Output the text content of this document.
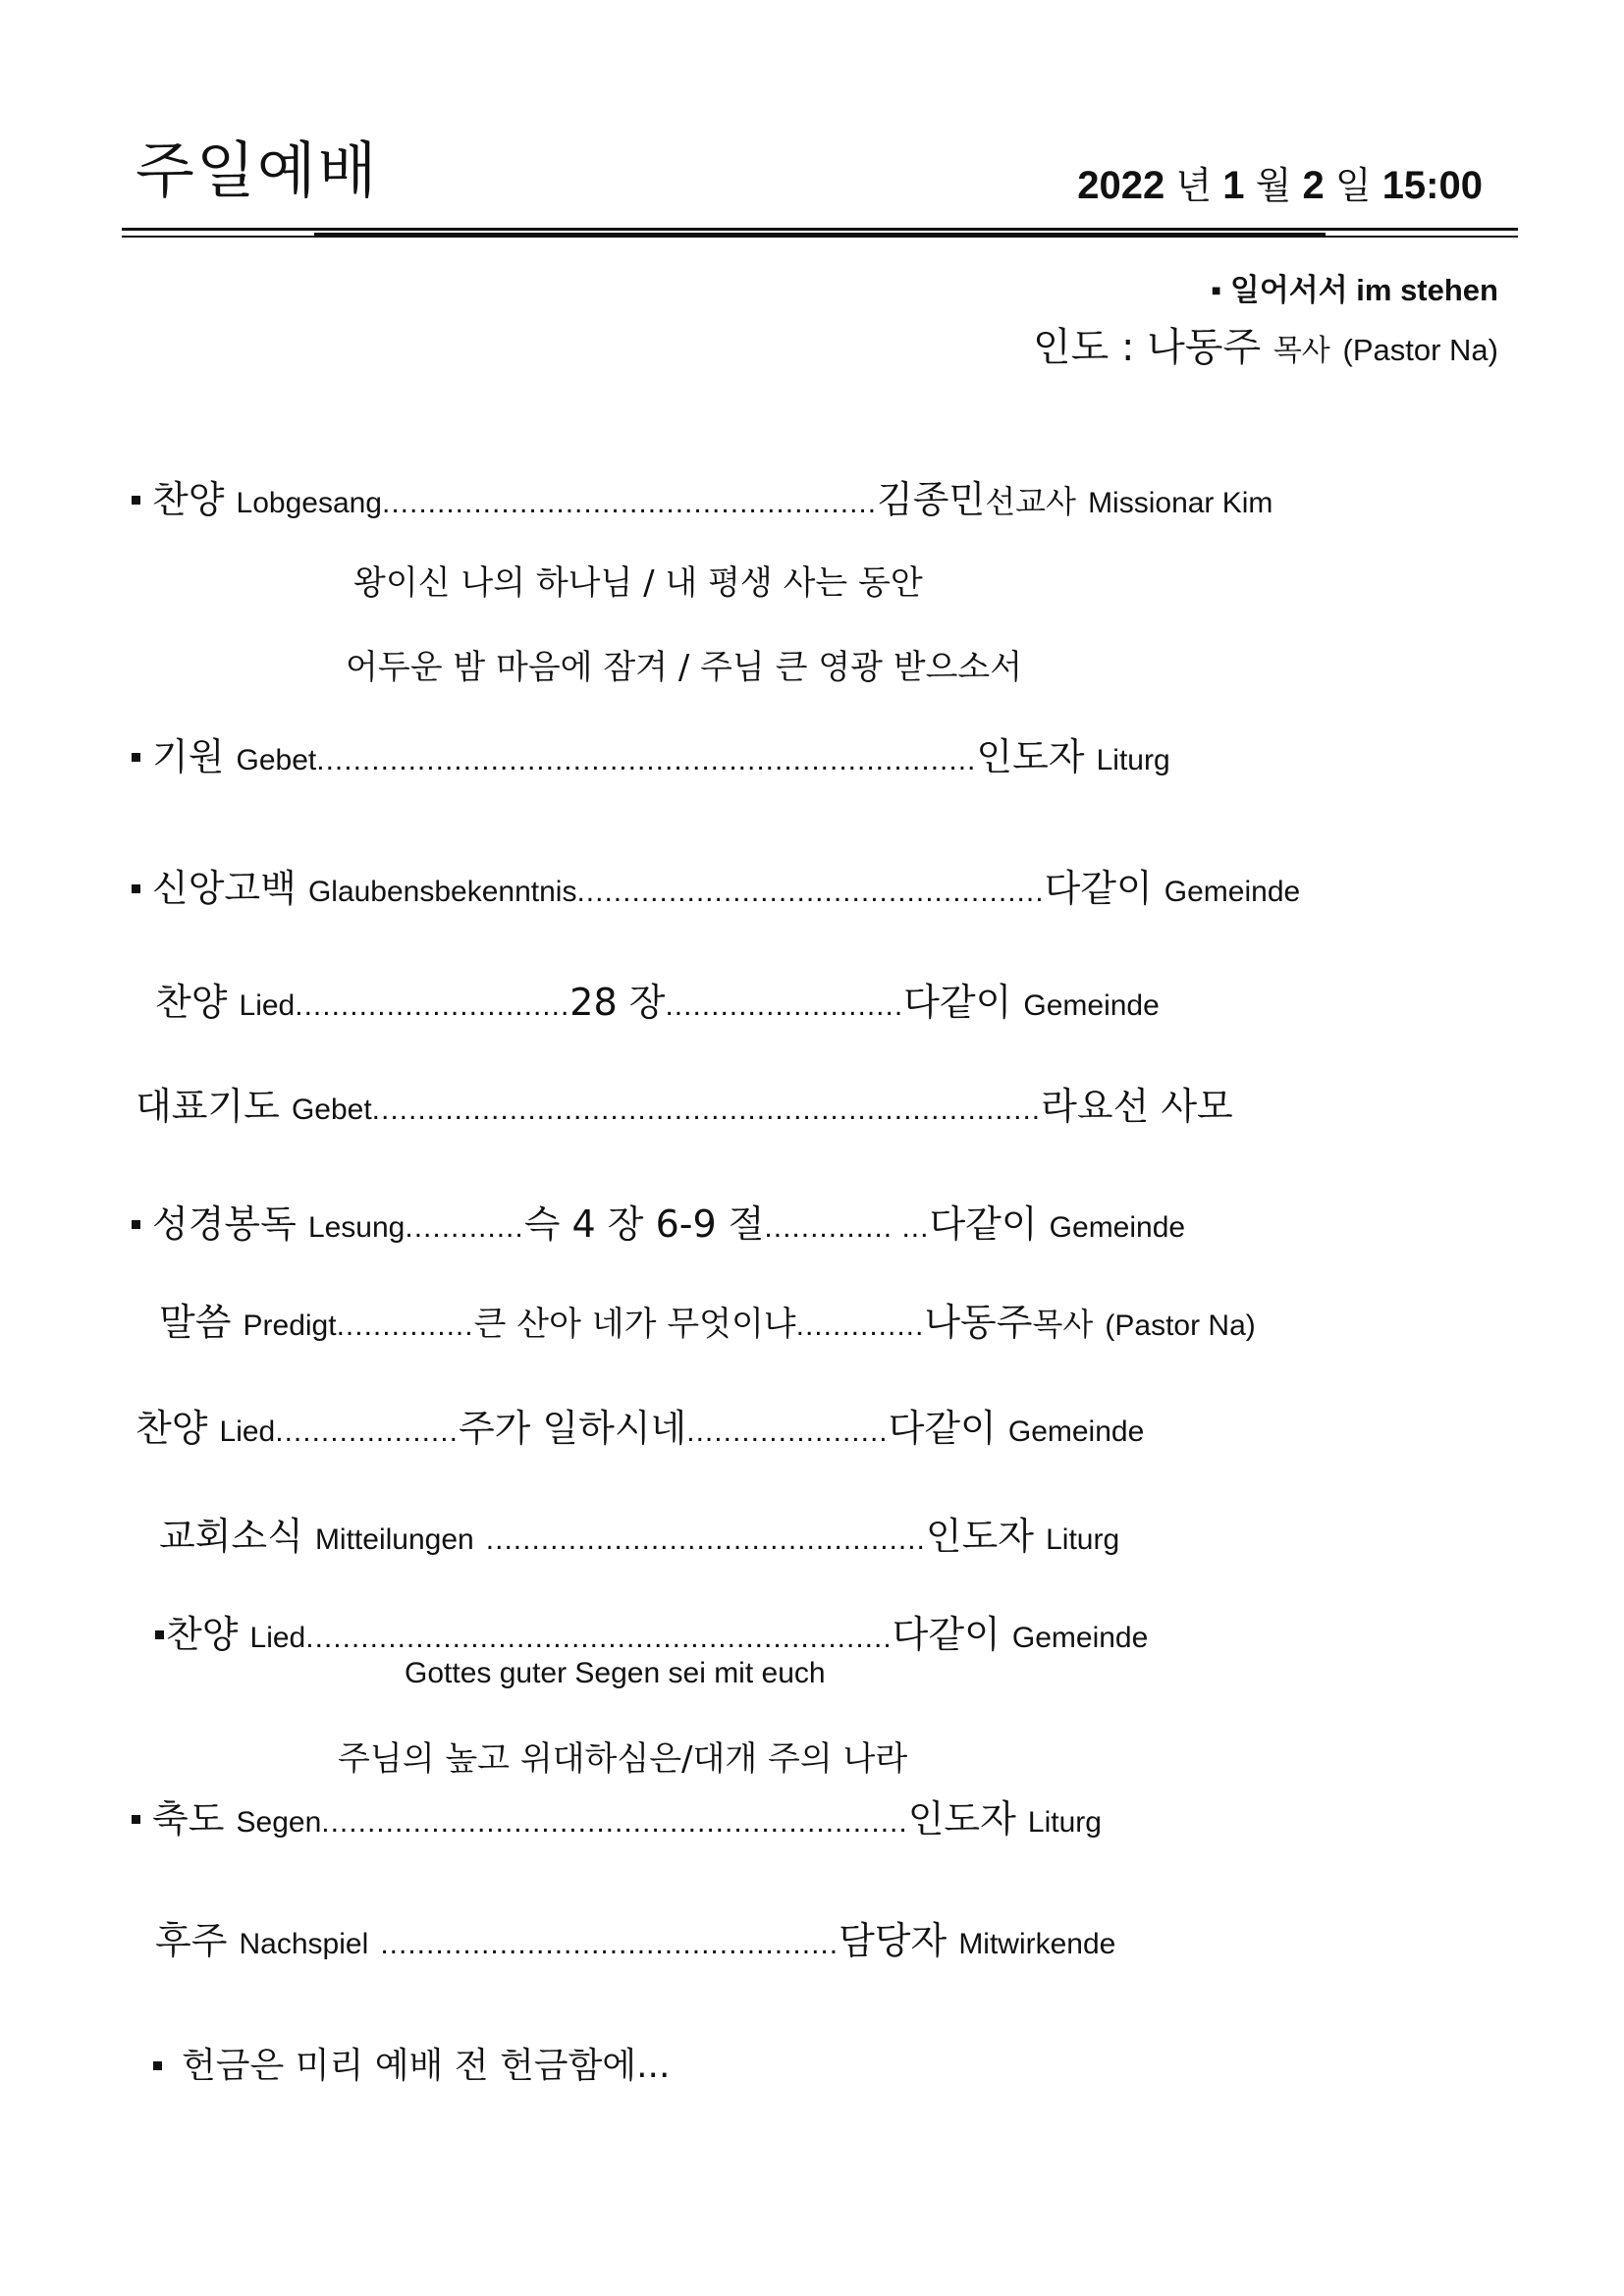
주일예배	2022 년 1 월 2 일 15:00
▪ 일어서서 im stehen
인도 : 나동주 목사 (Pastor Na)
찬양 Lobgesang......................................................김종민선교사 Missionar Kim
왕이신 나의 하나님 / 내 평생 사는 동안
어두운 밤 마음에 잠겨 / 주님 큰 영광 받으소서
기원 Gebet........................................................................인도자 Liturg
신앙고백 Glaubensbekenntnis...................................................다같이 Gemeinde
찬양 Lied..............................28 장..........................다같이 Gemeinde
대표기도 Gebet.........................................................................라요선 사모
성경봉독 Lesung.............슥 4 장 6-9 절.............. ...다같이 Gemeinde
말씀 Predigt...............큰 산아 네가 무엇이냐..............나동주목사 (Pastor Na)
찬양 Lied....................주가 일하시네......................다같이 Gemeinde
교회소식 Mitteilungen ................................................인도자 Liturg
찬양 Lied................................................................다같이 Gemeinde
Gottes guter Segen sei mit euch
주님의 높고 위대하심은/대개 주의 나라
축도 Segen................................................................인도자 Liturg
후주 Nachspiel ..................................................담당자 Mitwirkende
헌금은 미리 예배 전 헌금함에...
